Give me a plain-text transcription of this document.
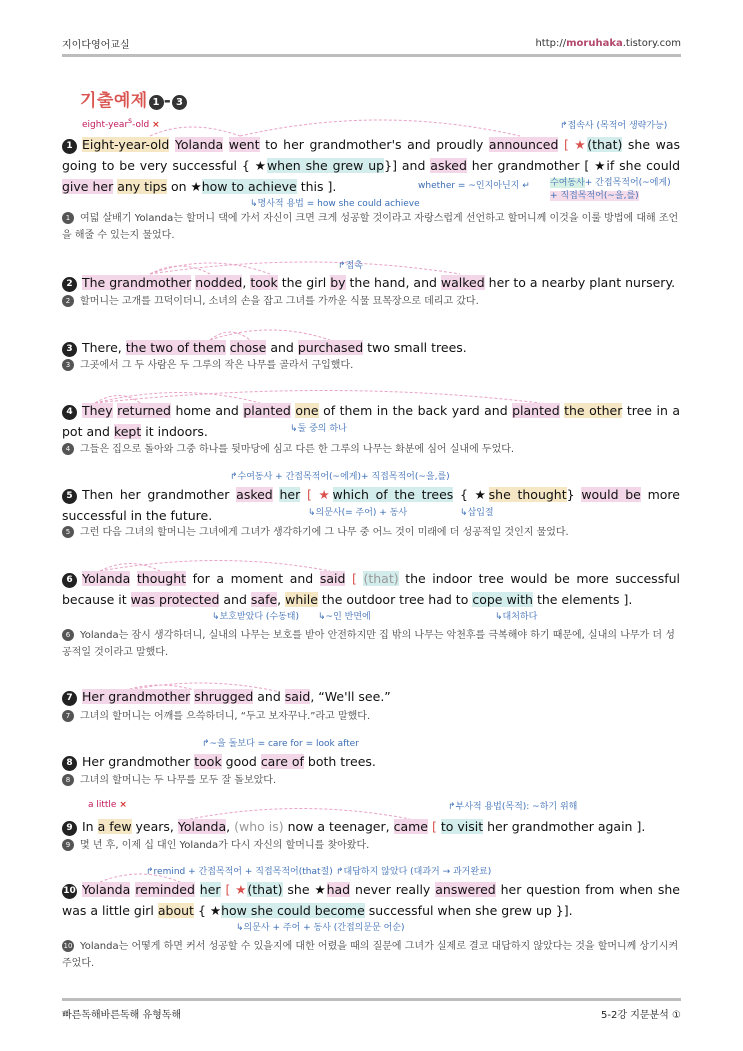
지이다영어교실	http://moruhaka.tistory.com
기출예제 1 - 3
eight-year$^s$-old ×	↱접속사 (목적어 생략가능)
1 Eight-year-old Yolanda went to her grandmother's and proudly announced [ ★(that) she was going to be very successful { ★when she grew up}] and asked her grandmother [ ★if she could give her any tips on ★how to achieve this ].	whether = ~인지아닌지 ↵ 수여동사+ 간접목적어(~에게)
+ 직접목적어(~을,를)
↳명사적 용법 = how she could achieve
1 여덟 살배기 Yolanda는 할머니 댁에 가서 자신이 크면 크게 성공할 것이라고 자랑스럽게 선언하고 할머니께 이것을 이룰 방법에 대해 조언을 해줄 수 있는지 물었다.
↱접촉
2 The grandmother nodded, took the girl by the hand, and walked her to a nearby plant nursery.
2 할머니는 고개를 끄덕이더니, 소녀의 손을 잡고 그녀를 가까운 식물 묘목장으로 데리고 갔다.
3 There, the two of them chose and purchased two small trees.
3 그곳에서 그 두 사람은 두 그루의 작은 나무를 골라서 구입했다.
4 They returned home and planted one of them in the back yard and planted the other tree in a pot and kept it indoors.	↳둘 중의 하나
4 그들은 집으로 돌아와 그중 하나를 뒷마당에 심고 다른 한 그루의 나무는 화분에 심어 실내에 두었다.
↱수여동사 + 간접목적어(~에게)+ 직접목적어(~을,를)
5 Then her grandmother asked her [ ★which of the trees { ★she thought} would be more successful in the future.	↳의문사(= 주어) + 동사	↳삽입절
5 그런 다음 그녀의 할머니는 그녀에게 그녀가 생각하기에 그 나무 중 어느 것이 미래에 더 성공적일 것인지 물었다.
6 Yolanda thought for a moment and said [ (that) the indoor tree would be more successful because it was protected and safe, while the outdoor tree had to cope with the elements ].
↳보호받았다 (수동태) ↳~인 반면에	↳대처하다
6 Yolanda는 잠시 생각하더니, 실내의 나무는 보호를 받아 안전하지만 집 밖의 나무는 악천후를 극복해야 하기 때문에, 실내의 나무가 더 성공적일 것이라고 말했다.
7 Her grandmother shrugged and said, “We'll see.”
7 그녀의 할머니는 어깨를 으쓱하더니, “두고 보자꾸나.”라고 말했다.
↱~을 돌보다 = care for = look after
8 Her grandmother took good care of both trees.
8 그녀의 할머니는 두 나무를 모두 잘 돌보았다.
a little ×	↱부사적 용법(목적): ~하기 위해
9 In a few years, Yolanda, (who is) now a teenager, came [ to visit her grandmother again ].
9 몇 년 후, 이제 십 대인 Yolanda가 다시 자신의 할머니를 찾아왔다.
↱remind + 간접목적어 + 직접목적어(that절) ↱대답하지 않았다 (대과거 → 과거완료)
10 Yolanda reminded her [ ★(that) she ★had never really answered her question from when she was a little girl about { ★how she could become successful when she grew up }].
↳의문사 + 주어 + 동사 (간접의문문 어순)
10 Yolanda는 어떻게 하면 커서 성공할 수 있을지에 대한 어렸을 때의 질문에 그녀가 실제로 결코 대답하지 않았다는 것을 할머니께 상기시켜주었다.
빠른독해바른독해 유형독해	5-2강 지문분석 ①
